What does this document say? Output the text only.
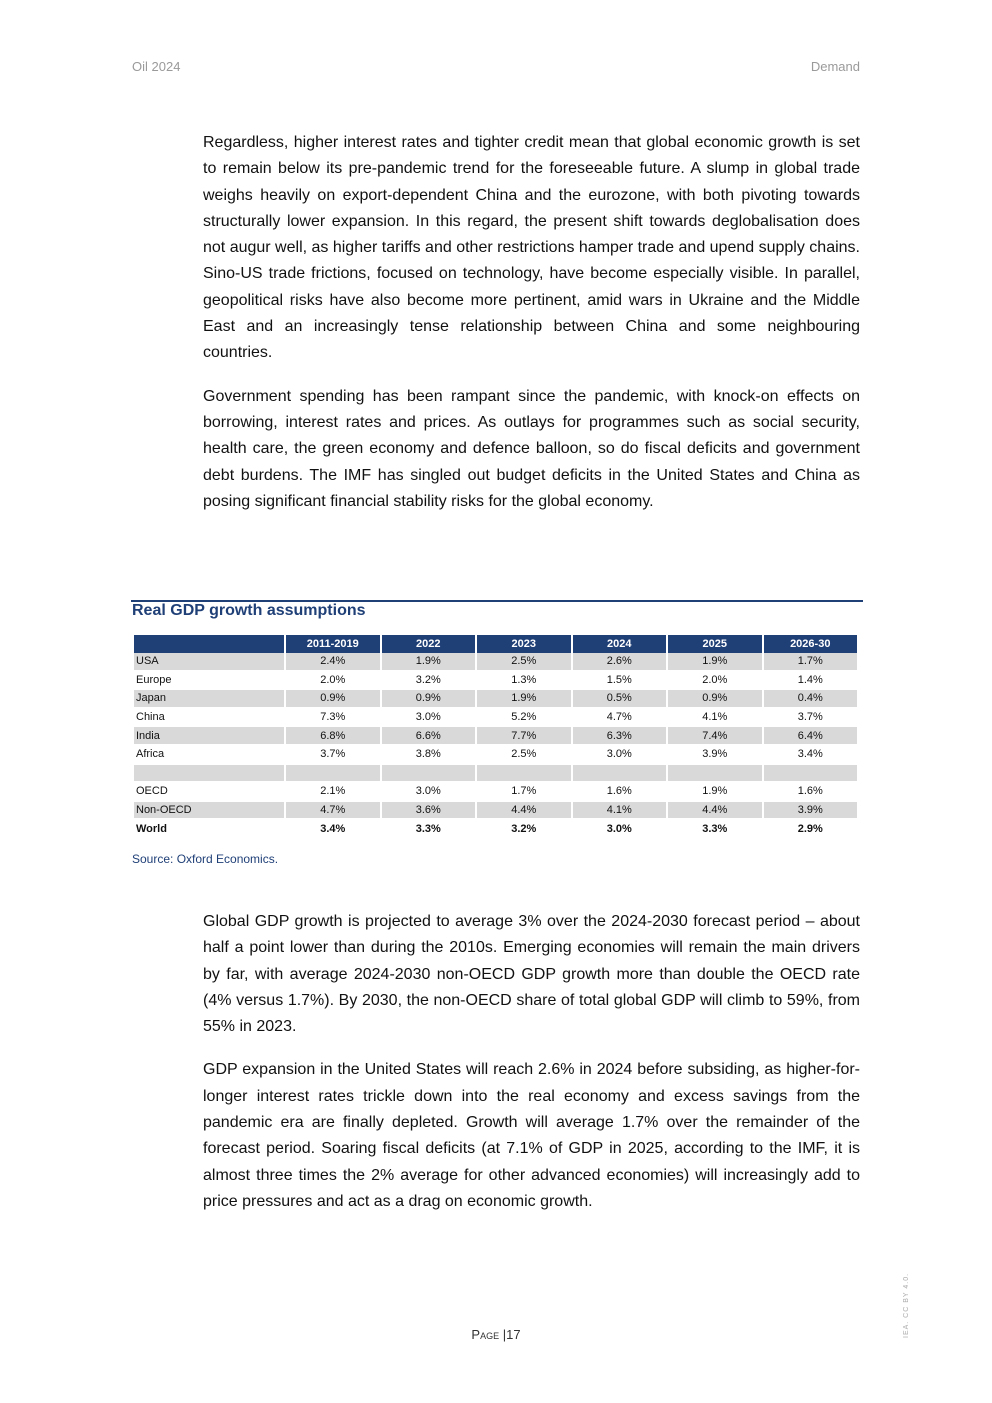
Oil 2024	Demand

Regardless, higher interest rates and tighter credit mean that global economic growth is set to remain below its pre-pandemic trend for the foreseeable future. A slump in global trade weighs heavily on export-dependent China and the eurozone, with both pivoting towards structurally lower expansion. In this regard, the present shift towards deglobalisation does not augur well, as higher tariffs and other restrictions hamper trade and upend supply chains. Sino-US trade frictions, focused on technology, have become especially visible. In parallel, geopolitical risks have also become more pertinent, amid wars in Ukraine and the Middle East and an increasingly tense relationship between China and some neighbouring countries.

Government spending has been rampant since the pandemic, with knock-on effects on borrowing, interest rates and prices. As outlays for programmes such as social security, health care, the green economy and defence balloon, so do fiscal deficits and government debt burdens. The IMF has singled out budget deficits in the United States and China as posing significant financial stability risks for the global economy.

Real GDP growth assumptions
	2011-2019	2022	2023	2024	2025	2026-30
USA	2.4%	1.9%	2.5%	2.6%	1.9%	1.7%
Europe	2.0%	3.2%	1.3%	1.5%	2.0%	1.4%
Japan	0.9%	0.9%	1.9%	0.5%	0.9%	0.4%
China	7.3%	3.0%	5.2%	4.7%	4.1%	3.7%
India	6.8%	6.6%	7.7%	6.3%	7.4%	6.4%
Africa	3.7%	3.8%	2.5%	3.0%	3.9%	3.4%

OECD	2.1%	3.0%	1.7%	1.6%	1.9%	1.6%
Non-OECD	4.7%	3.6%	4.4%	4.1%	4.4%	3.9%
World	3.4%	3.3%	3.2%	3.0%	3.3%	2.9%
Source: Oxford Economics.

Global GDP growth is projected to average 3% over the 2024-2030 forecast period – about half a point lower than during the 2010s. Emerging economies will remain the main drivers by far, with average 2024-2030 non-OECD GDP growth more than double the OECD rate (4% versus 1.7%). By 2030, the non-OECD share of total global GDP will climb to 59%, from 55% in 2023.

GDP expansion in the United States will reach 2.6% in 2024 before subsiding, as higher-for-longer interest rates trickle down into the real economy and excess savings from the pandemic era are finally depleted. Growth will average 1.7% over the remainder of the forecast period. Soaring fiscal deficits (at 7.1% of GDP in 2025, according to the IMF, it is almost three times the 2% average for other advanced economies) will increasingly add to price pressures and act as a drag on economic growth.

Page |17	IEA. CC BY 4.0.
